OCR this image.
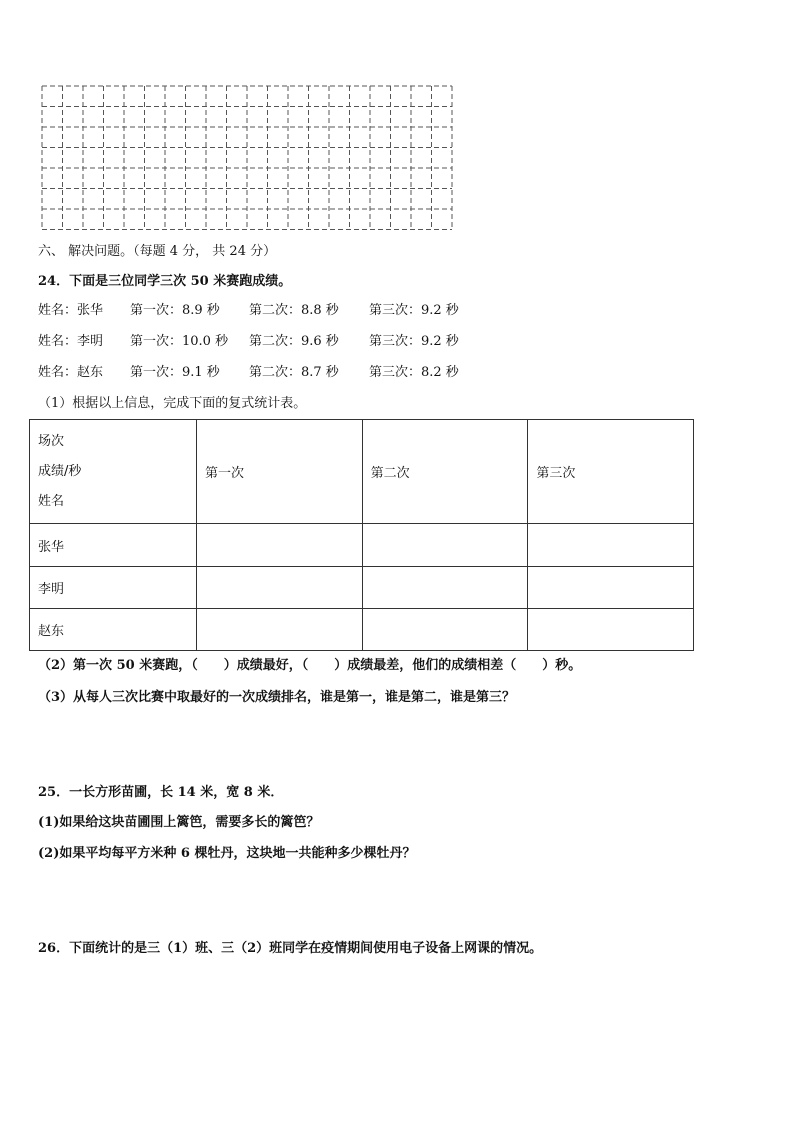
六、 解决问题。（每题 4 分， 共 24 分）
24．下面是三位同学三次 50 米赛跑成绩。
姓名：张华 第一次：8.9 秒 第二次：8.8 秒 第三次：9.2 秒
姓名：李明 第一次：10.0 秒 第二次：9.6 秒 第三次：9.2 秒
姓名：赵东 第一次：9.1 秒 第二次：8.7 秒 第三次：8.2 秒
（1）根据以上信息，完成下面的复式统计表。
场次
成绩/秒
姓名	第一次	第二次	第三次
张华			
李明			
赵东			
（2）第一次 50 米赛跑，（　　）成绩最好，（　　）成绩最差，他们的成绩相差（　　）秒。
（3）从每人三次比赛中取最好的一次成绩排名，谁是第一，谁是第二，谁是第三？
25．一长方形苗圃，长 14 米，宽 8 米．
(1)如果给这块苗圃围上篱笆，需要多长的篱笆？
(2)如果平均每平方米种 6 棵牡丹，这块地一共能种多少棵牡丹？
26．下面统计的是三（1）班、三（2）班同学在疫情期间使用电子设备上网课的情况。
